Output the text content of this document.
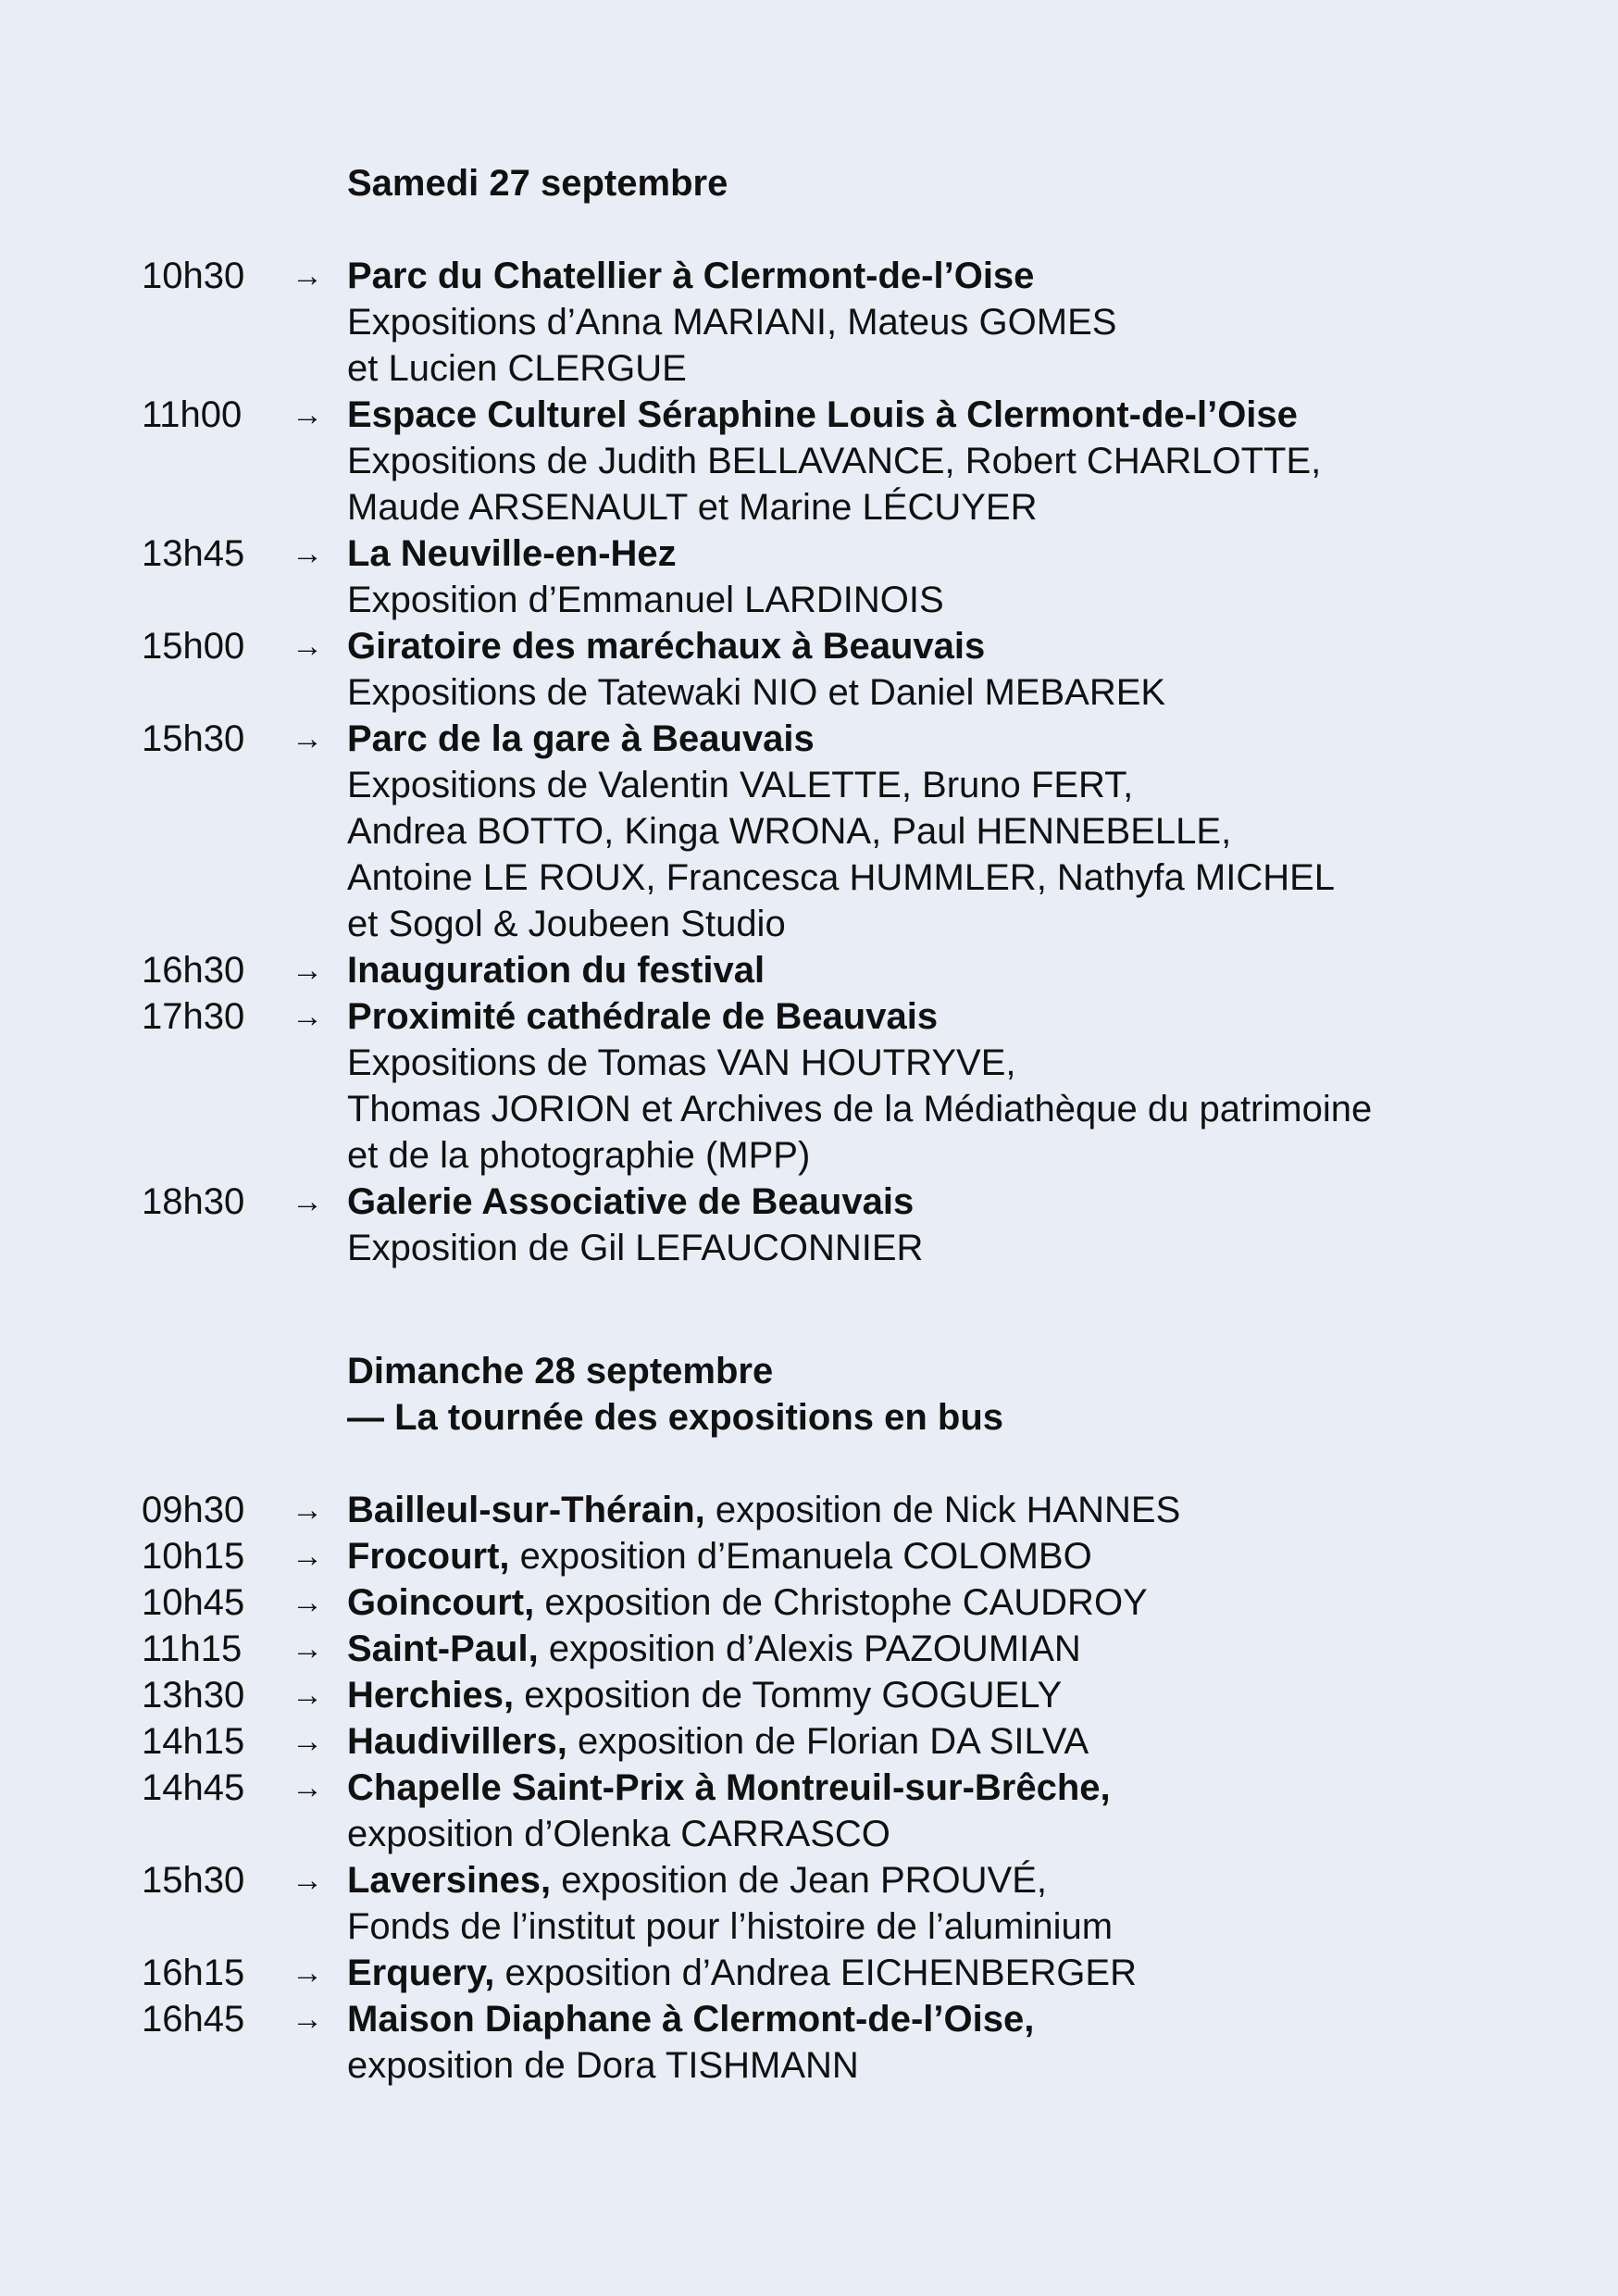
Samedi 27 septembre
10h30	→ Parc du Chatellier à Clermont-de-l’Oise
Expositions d’Anna MARIANI, Mateus GOMES
et Lucien CLERGUE
11h00	→ Espace Culturel Séraphine Louis à Clermont-de-l’Oise
Expositions de Judith BELLAVANCE, Robert CHARLOTTE,
Maude ARSENAULT et Marine LÉCUYER
13h45	→ La Neuville-en-Hez
Exposition d’Emmanuel LARDINOIS
15h00	→ Giratoire des maréchaux à Beauvais
Expositions de Tatewaki NIO et Daniel MEBAREK
15h30	→ Parc de la gare à Beauvais
Expositions de Valentin VALETTE, Bruno FERT,
Andrea BOTTO, Kinga WRONA, Paul HENNEBELLE,
Antoine LE ROUX, Francesca HUMMLER, Nathyfa MICHEL
et Sogol & Joubeen Studio
16h30	→ Inauguration du festival
17h30	→ Proximité cathédrale de Beauvais
Expositions de Tomas VAN HOUTRYVE,
Thomas JORION et Archives de la Médiathèque du patrimoine
et de la photographie (MPP)
18h30	→ Galerie Associative de Beauvais
Exposition de Gil LEFAUCONNIER
Dimanche 28 septembre
— La tournée des expositions en bus
09h30	→ Bailleul-sur-Thérain, exposition de Nick HANNES
10h15	→ Frocourt, exposition d’Emanuela COLOMBO
10h45	→ Goincourt, exposition de Christophe CAUDROY
11h15	→ Saint-Paul, exposition d’Alexis PAZOUMIAN
13h30	→ Herchies, exposition de Tommy GOGUELY
14h15	→ Haudivillers, exposition de Florian DA SILVA
14h45	→ Chapelle Saint-Prix à Montreuil-sur-Brêche,
exposition d’Olenka CARRASCO
15h30	→ Laversines, exposition de Jean PROUVÉ,
Fonds de l’institut pour l’histoire de l’aluminium
16h15	→ Erquery, exposition d’Andrea EICHENBERGER
16h45	→ Maison Diaphane à Clermont-de-l’Oise,
exposition de Dora TISHMANN
